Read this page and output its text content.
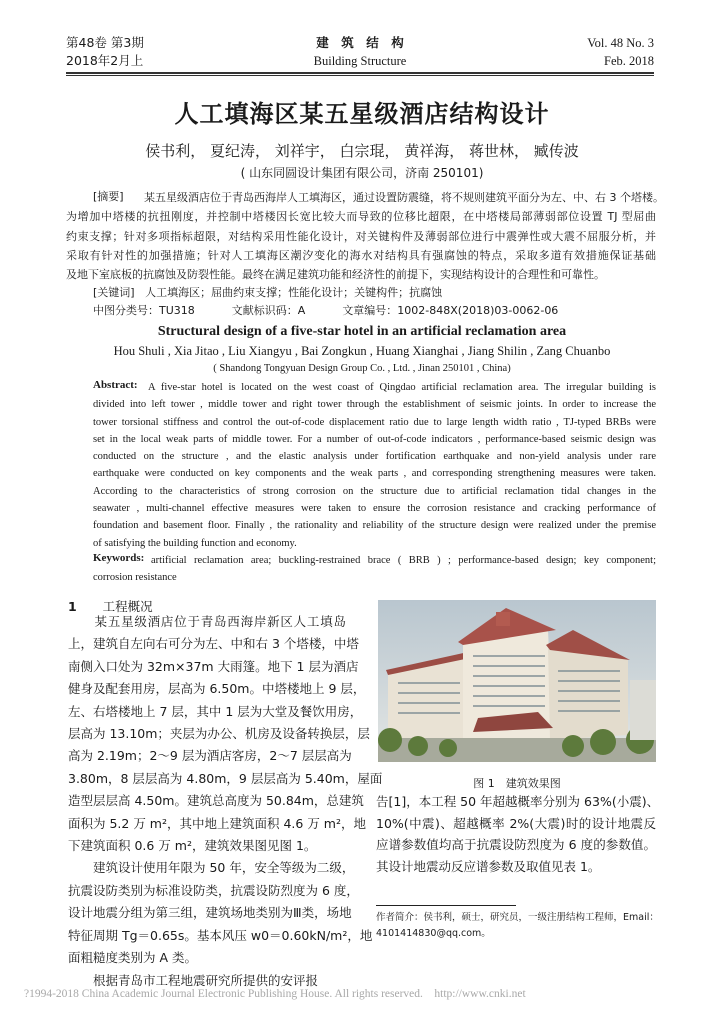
第48卷 第3期
2018年2月上
建　筑　结　构
Building Structure
Vol. 48 No. 3
Feb. 2018
人工填海区某五星级酒店结构设计
侯书利， 夏纪涛， 刘祥宇， 白宗琨， 黄祥海， 蒋世林， 臧传波
( 山东同圆设计集团有限公司，济南 250101)
[摘要]	某五星级酒店位于青岛西海岸人工填海区，通过设置防震缝，将不规则建筑平面分为左、中、右 3 个塔楼。
为增加中塔楼的抗扭刚度，并控制中塔楼因长宽比较大而导致的位移比超限，在中塔楼局部薄弱部位设置 TJ 型屈曲
约束支撑；针对多项指标超限，对结构采用性能化设计，对关键构件及薄弱部位进行中震弹性或大震不屈服分析，并
采取有针对性的加强措施；针对人工填海区潮汐变化的海水对结构具有强腐蚀的特点，采取多道有效措施保证基础
及地下室底板的抗腐蚀及防裂性能。最终在满足建筑功能和经济性的前提下，实现结构设计的合理性和可靠性。
[关键词] 人工填海区；屈曲约束支撑；性能化设计；关键构件；抗腐蚀
中图分类号：TU318	文献标识码：A	文章编号：1002-848X(2018)03-0062-06
Structural design of a five-star hotel in an artificial reclamation area
Hou Shuli , Xia Jitao , Liu Xiangyu , Bai Zongkun , Huang Xianghai , Jiang Shilin , Zang Chuanbo
( Shandong Tongyuan Design Group Co. , Ltd. , Jinan 250101 , China)
Abstract: A five-star hotel is located on the west coast of Qingdao artificial reclamation area. The irregular building is
divided into left tower , middle tower and right tower through the establishment of seismic joints. In order to increase the
tower torsional stiffness and control the out-of-code displacement ratio due to large length width ratio , TJ-typed BRBs were
set in the local weak parts of middle tower. For a number of out-of-code indicators , performance-based seismic design was
conducted on the structure , and the elastic analysis under fortification earthquake and non-yield analysis under rare
earthquake were conducted on key components and the weak parts , and corresponding strengthening measures were taken.
According to the characteristics of strong corrosion on the structure due to artificial reclamation tidal changes in the
seawater , multi-channel effective measures were taken to ensure the corrosion resistance and cracking performance of
foundation and basement floor. Finally , the rationality and reliability of the structure design were realized under the premise
of satisfying the building function and economy.
Keywords: artificial reclamation area; buckling-restrained brace ( BRB ) ; performance-based design; key component;
corrosion resistance
1 工程概况
　　某五星级酒店位于青岛西海岸新区人工填岛
上，建筑自左向右可分为左、中和右 3 个塔楼，中塔
南侧入口处为 32m×37m 大雨篷。地下 1 层为酒店
健身及配套用房，层高为 6.50m。中塔楼地上 9 层，
左、右塔楼地上 7 层，其中 1 层为大堂及餐饮用房，
层高为 13.10m；夹层为办公、机房及设备转换层，层
高为 2.19m；2～9 层为酒店客房，2～7 层层高为
3.80m，8 层层高为 4.80m，9 层层高为 5.40m，屋面
造型层层高 4.50m。建筑总高度为 50.84m，总建筑
面积为 5.2 万 m²，其中地上建筑面积 4.6 万 m²，地
下建筑面积 0.6 万 m²，建筑效果图见图 1。
　　建筑设计使用年限为 50 年，安全等级为二级，
抗震设防类别为标准设防类，抗震设防烈度为 6 度，
设计地震分组为第三组，建筑场地类别为Ⅲ类，场地
特征周期 Tg＝0.65s。基本风压 w0＝0.60kN/m²，地
面粗糙度类别为 A 类。
　　根据青岛市工程地震研究所提供的安评报
图 1　建筑效果图
告[1]，本工程 50 年超越概率分别为 63%(小震)、
10%(中震)、超越概率 2%(大震)时的设计地震反
应谱参数值均高于抗震设防烈度为 6 度的参数值。
其设计地震动反应谱参数及取值见表 1。
作者简介：侯书利，硕士，研究员，一级注册结构工程师，Email：
4101414830@qq.com。
?1994-2018 China Academic Journal Electronic Publishing House. All rights reserved.    http://www.cnki.net
